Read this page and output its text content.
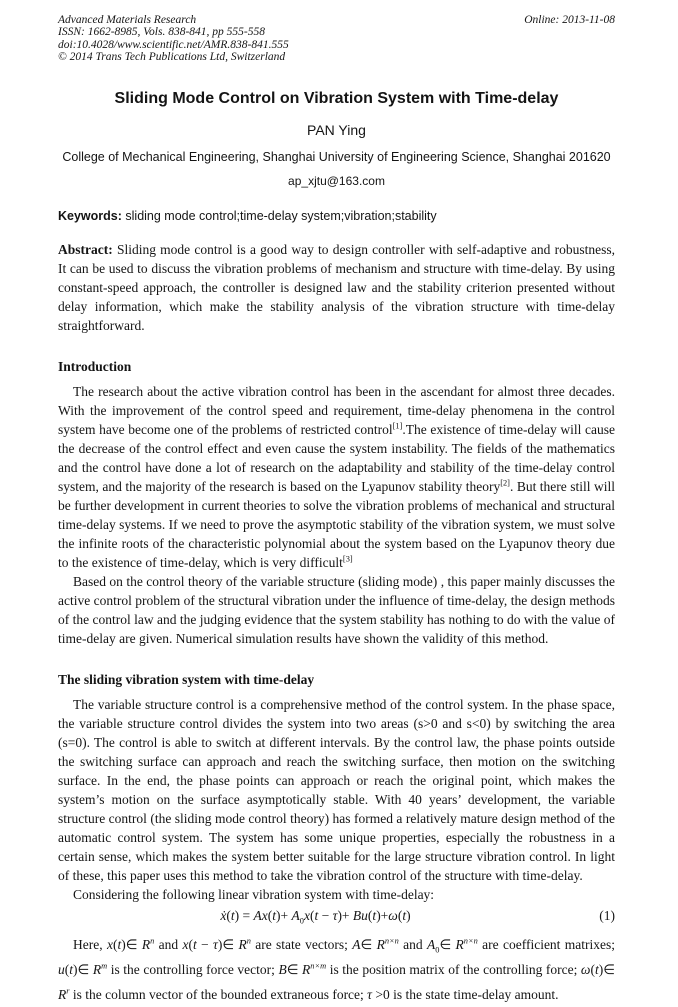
Advanced Materials Research
ISSN: 1662-8985, Vols. 838-841, pp 555-558
doi:10.4028/www.scientific.net/AMR.838-841.555
© 2014 Trans Tech Publications Ltd, Switzerland
Online: 2013-11-08
Sliding Mode Control on Vibration System with Time-delay
PAN Ying
College of Mechanical Engineering, Shanghai University of Engineering Science, Shanghai 201620
ap_xjtu@163.com

Keywords: sliding mode control;time-delay system;vibration;stability

Abstract: Sliding mode control is a good way to design controller with self-adaptive and robustness, It can be used to discuss the vibration problems of mechanism and structure with time-delay. By using constant-speed approach, the controller is designed law and the stability criterion presented without delay information, which make the stability analysis of the vibration structure with time-delay straightforward.

Introduction

The research about the active vibration control has been in the ascendant for almost three decades. With the improvement of the control speed and requirement, time-delay phenomena in the control system have become one of the problems of restricted control[1].The existence of time-delay will cause the decrease of the control effect and even cause the system instability. The fields of the mathematics and the control have done a lot of research on the adaptability and stability of the time-delay control system, and the majority of the research is based on the Lyapunov stability theory[2]. But there still will be further development in current theories to solve the vibration problems of mechanical and structural time-delay systems. If we need to prove the asymptotic stability of the vibration system, we must solve the infinite roots of the characteristic polynomial about the system based on the Lyapunov theory due to the existence of time-delay, which is very difficult[3]

Based on the control theory of the variable structure (sliding mode) , this paper mainly discusses the active control problem of the structural vibration under the influence of time-delay, the design methods of the control law and the judging evidence that the system stability has nothing to do with the value of time-delay are given. Numerical simulation results have shown the validity of this method.

The sliding vibration system with time-delay

The variable structure control is a comprehensive method of the control system. In the phase space, the variable structure control divides the system into two areas (s>0 and s<0) by switching the area (s=0). The control is able to switch at different intervals. By the control law, the phase points outside the switching surface can approach and reach the switching surface, then motion on the switching surface. In the end, the phase points can approach or reach the original point, which makes the system’s motion on the surface asymptotically stable. With 40 years’ development, the variable structure control (the sliding mode control theory) has formed a relatively mature design method of the automatic control system. The system has some unique properties, especially the robustness in a certain sense, which makes the system better suitable for the large structure vibration control. In light of these, this paper uses this method to take the vibration control of the structure with time-delay.

Considering the following linear vibration system with time-delay:

ẋ(t) = $Ax(t)+ A_0x(t - \tau)+ Bu(t)+\omega(t)$	(1)

Here, x(t)∈ $R^n$ and x(t − τ)∈ $R^n$ are state vectors; A∈ $R^{n\times n}$ and $A_0\in$ $R^{n\times n}$ are coefficient matrixes; u(t)∈ $R^m$ is the controlling force vector; B∈ $R^{n\times m}$ is the position matrix of the controlling force; ω(t)∈ $R^r$ is the column vector of the bounded extraneous force; τ >0 is the state time-delay amount.
